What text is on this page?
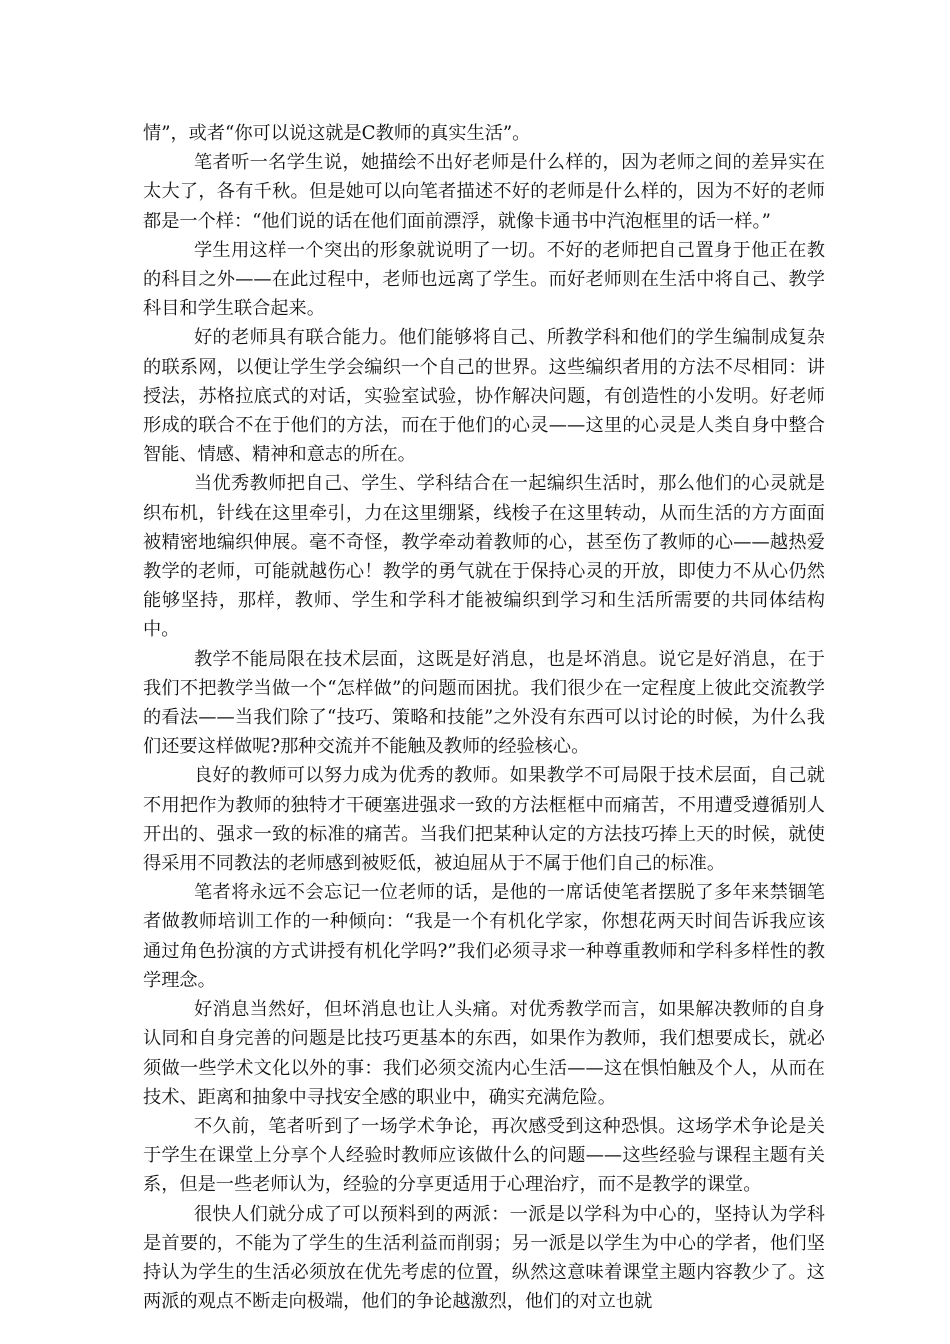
情”，或者“你可以说这就是C教师的真实生活”。

笔者听一名学生说，她描绘不出好老师是什么样的，因为老师之间的差异实在太大了，各有千秋。但是她可以向笔者描述不好的老师是什么样的，因为不好的老师都是一个样：“他们说的话在他们面前漂浮，就像卡通书中汽泡框里的话一样。”

学生用这样一个突出的形象就说明了一切。不好的老师把自己置身于他正在教的科目之外——在此过程中，老师也远离了学生。而好老师则在生活中将自己、教学科目和学生联合起来。

好的老师具有联合能力。他们能够将自己、所教学科和他们的学生编制成复杂的联系网，以便让学生学会编织一个自己的世界。这些编织者用的方法不尽相同：讲授法，苏格拉底式的对话，实验室试验，协作解决问题，有创造性的小发明。好老师形成的联合不在于他们的方法，而在于他们的心灵——这里的心灵是人类自身中整合智能、情感、精神和意志的所在。

当优秀教师把自己、学生、学科结合在一起编织生活时，那么他们的心灵就是织布机，针线在这里牵引，力在这里绷紧，线梭子在这里转动，从而生活的方方面面被精密地编织伸展。毫不奇怪，教学牵动着教师的心，甚至伤了教师的心——越热爱教学的老师，可能就越伤心！教学的勇气就在于保持心灵的开放，即使力不从心仍然能够坚持，那样，教师、学生和学科才能被编织到学习和生活所需要的共同体结构中。

教学不能局限在技术层面，这既是好消息，也是坏消息。说它是好消息，在于我们不把教学当做一个“怎样做”的问题而困扰。我们很少在一定程度上彼此交流教学的看法——当我们除了“技巧、策略和技能”之外没有东西可以讨论的时候，为什么我们还要这样做呢?那种交流并不能触及教师的经验核心。

良好的教师可以努力成为优秀的教师。如果教学不可局限于技术层面，自己就不用把作为教师的独特才干硬塞进强求一致的方法框框中而痛苦，不用遭受遵循别人开出的、强求一致的标准的痛苦。当我们把某种认定的方法技巧捧上天的时候，就使得采用不同教法的老师感到被贬低，被迫屈从于不属于他们自己的标准。

笔者将永远不会忘记一位老师的话，是他的一席话使笔者摆脱了多年来禁锢笔者做教师培训工作的一种倾向：“我是一个有机化学家，你想花两天时间告诉我应该通过角色扮演的方式讲授有机化学吗?”我们必须寻求一种尊重教师和学科多样性的教学理念。

好消息当然好，但坏消息也让人头痛。对优秀教学而言，如果解决教师的自身认同和自身完善的问题是比技巧更基本的东西，如果作为教师，我们想要成长，就必须做一些学术文化以外的事：我们必须交流内心生活——这在惧怕触及个人，从而在技术、距离和抽象中寻找安全感的职业中，确实充满危险。

不久前，笔者听到了一场学术争论，再次感受到这种恐惧。这场学术争论是关于学生在课堂上分享个人经验时教师应该做什么的问题——这些经验与课程主题有关系，但是一些老师认为，经验的分享更适用于心理治疗，而不是教学的课堂。

很快人们就分成了可以预料到的两派：一派是以学科为中心的，坚持认为学科是首要的，不能为了学生的生活利益而削弱；另一派是以学生为中心的学者，他们坚持认为学生的生活必须放在优先考虑的位置，纵然这意味着课堂主题内容教少了。这两派的观点不断走向极端，他们的争论越激烈，他们的对立也就
